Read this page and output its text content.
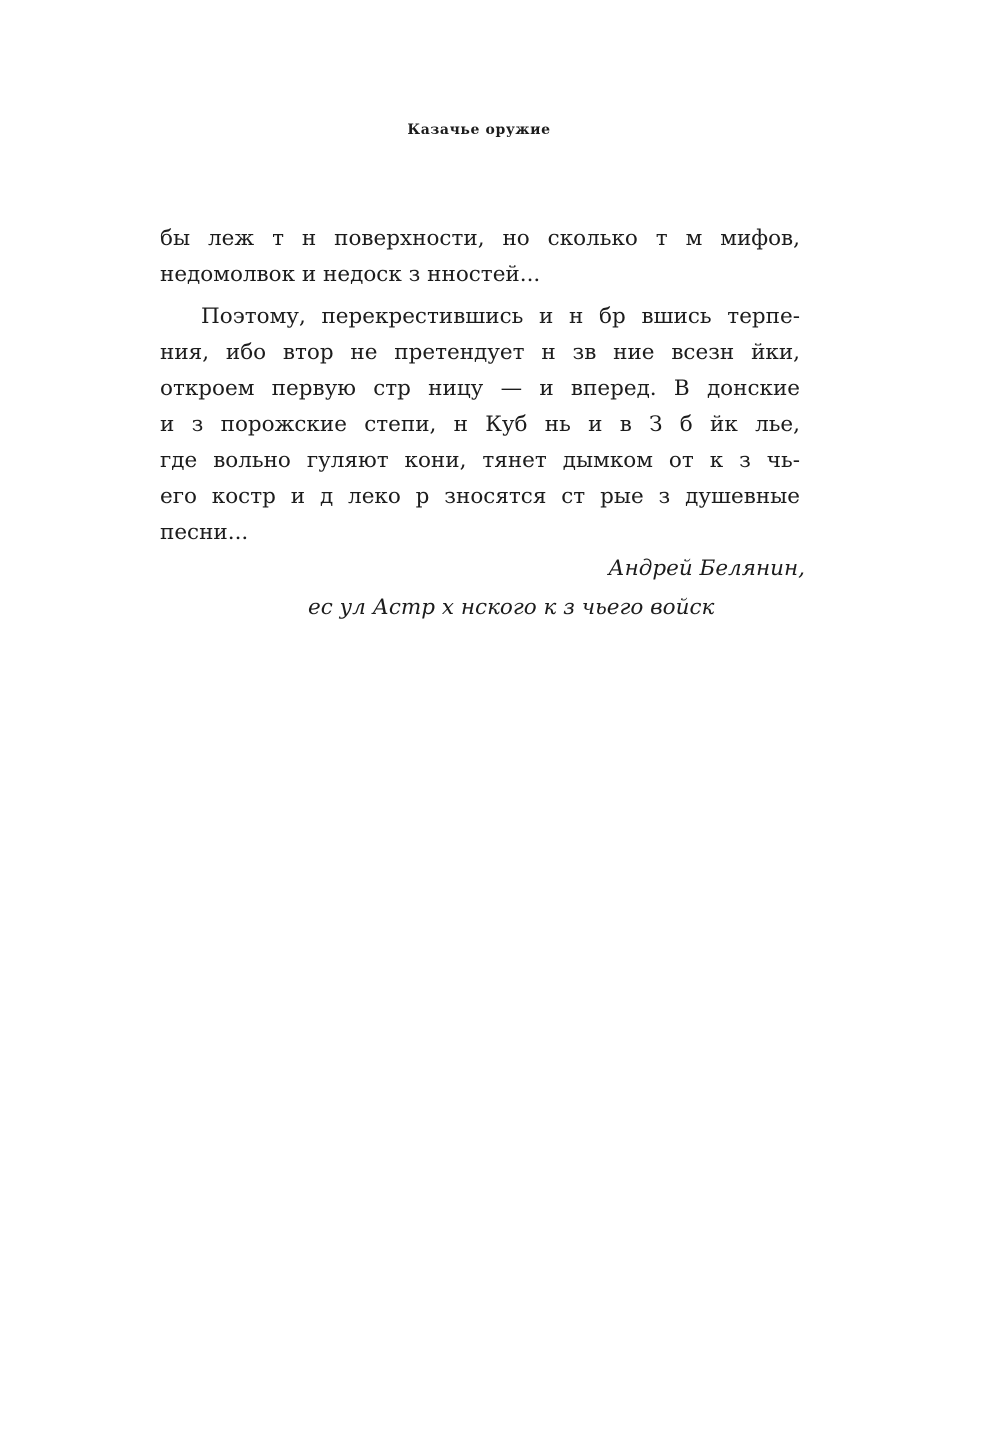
Казачье оружие
бы леж т н поверхности, но сколько т м мифов,
недомолвок и недоск з нностей...
Поэтому, перекрестившись и н бр вшись терпе-
ния, ибо втор не претендует н зв ние всезн йки,
откроем первую стр ницу — и вперед. В донские
и з порожские степи, н Куб нь и в З б йк лье,
где вольно гуляют кони, тянет дымком от к з чь-
его костр и д леко р зносятся ст рые з душевные
песни...
Андрей Белянин,
ес ул Астр х нского к з чьего войск
